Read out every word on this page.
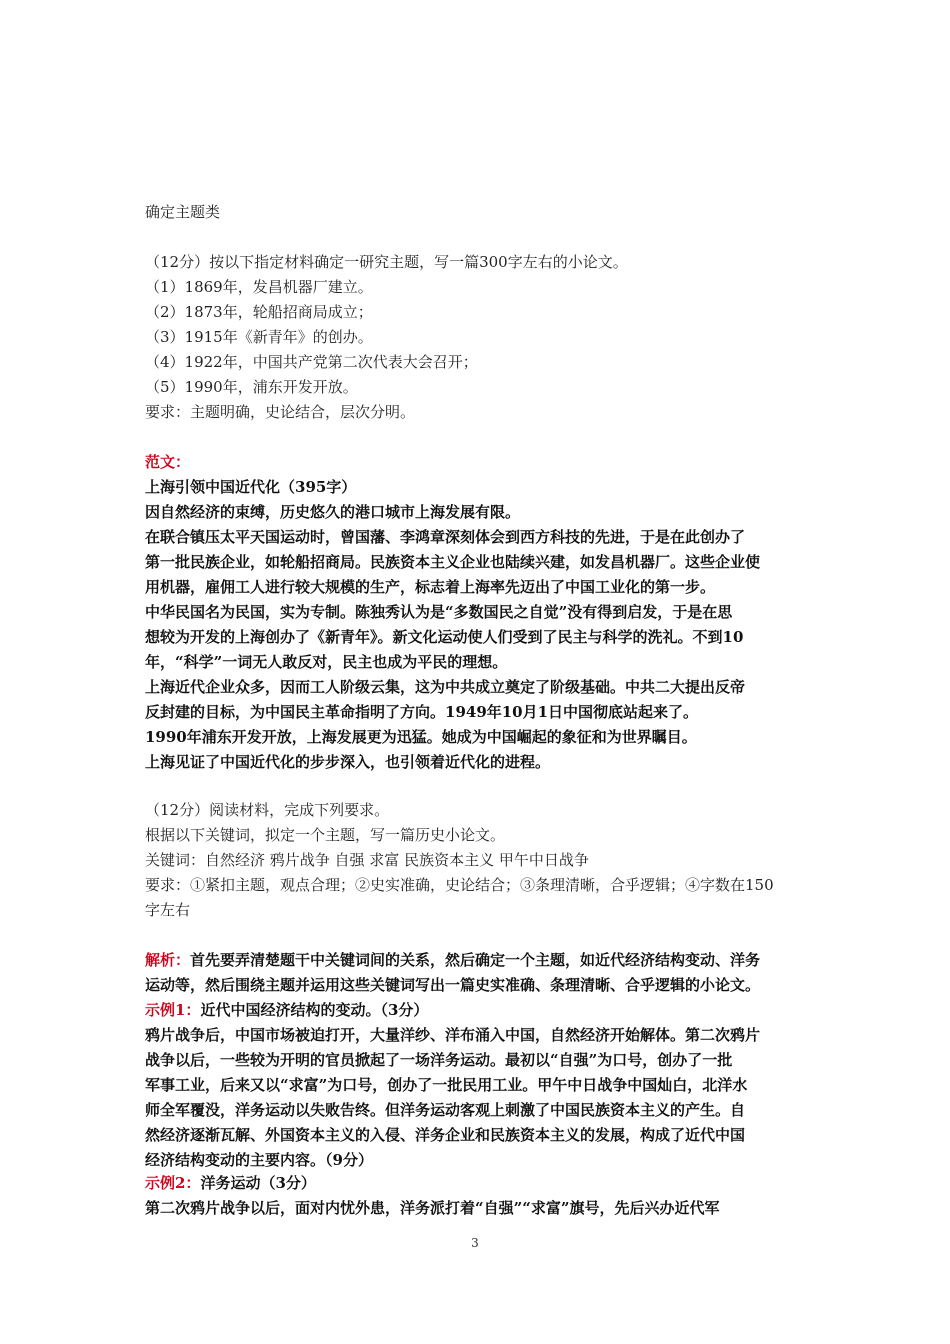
确定主题类
（12分）按以下指定材料确定一研究主题，写一篇300字左右的小论文。
（1）1869年，发昌机器厂建立。
（2）1873年，轮船招商局成立；
（3）1915年《新青年》的创办。
（4）1922年，中国共产党第二次代表大会召开；
（5）1990年，浦东开发开放。
要求：主题明确，史论结合，层次分明。
范文：
上海引领中国近代化（395字）
因自然经济的束缚，历史悠久的港口城市上海发展有限。
在联合镇压太平天国运动时，曾国藩、李鸿章深刻体会到西方科技的先进，于是在此创办了
第一批民族企业，如轮船招商局。民族资本主义企业也陆续兴建，如发昌机器厂。这些企业使
用机器，雇佣工人进行较大规模的生产，标志着上海率先迈出了中国工业化的第一步。
中华民国名为民国，实为专制。陈独秀认为是“多数国民之自觉”没有得到启发，于是在思
想较为开发的上海创办了《新青年》。新文化运动使人们受到了民主与科学的洗礼。不到10
年，“科学”一词无人敢反对，民主也成为平民的理想。
上海近代企业众多，因而工人阶级云集，这为中共成立奠定了阶级基础。中共二大提出反帝
反封建的目标，为中国民主革命指明了方向。1949年10月1日中国彻底站起来了。
1990年浦东开发开放，上海发展更为迅猛。她成为中国崛起的象征和为世界瞩目。
上海见证了中国近代化的步步深入，也引领着近代化的进程。
（12分）阅读材料，完成下列要求。
根据以下关键词，拟定一个主题，写一篇历史小论文。
关键词：自然经济 鸦片战争 自强 求富 民族资本主义 甲午中日战争
要求：①紧扣主题，观点合理；②史实准确，史论结合；③条理清晰，合乎逻辑；④字数在150
字左右
解析：首先要弄清楚题干中关键词间的关系，然后确定一个主题，如近代经济结构变动、洋务
运动等，然后围绕主题并运用这些关键词写出一篇史实准确、条理清晰、合乎逻辑的小论文。
示例1：近代中国经济结构的变动。（3分）
鸦片战争后，中国市场被迫打开，大量洋纱、洋布涌入中国，自然经济开始解体。第二次鸦片
战争以后，一些较为开明的官员掀起了一场洋务运动。最初以“自强”为口号，创办了一批
军事工业，后来又以“求富”为口号，创办了一批民用工业。甲午中日战争中国灿白，北洋水
师全军覆没，洋务运动以失败告终。但洋务运动客观上刺激了中国民族资本主义的产生。自
然经济逐渐瓦解、外国资本主义的入侵、洋务企业和民族资本主义的发展，构成了近代中国
经济结构变动的主要内容。（9分）
示例2：洋务运动（3分）
第二次鸦片战争以后，面对内忧外患，洋务派打着“自强”“求富”旗号，先后兴办近代军
3
